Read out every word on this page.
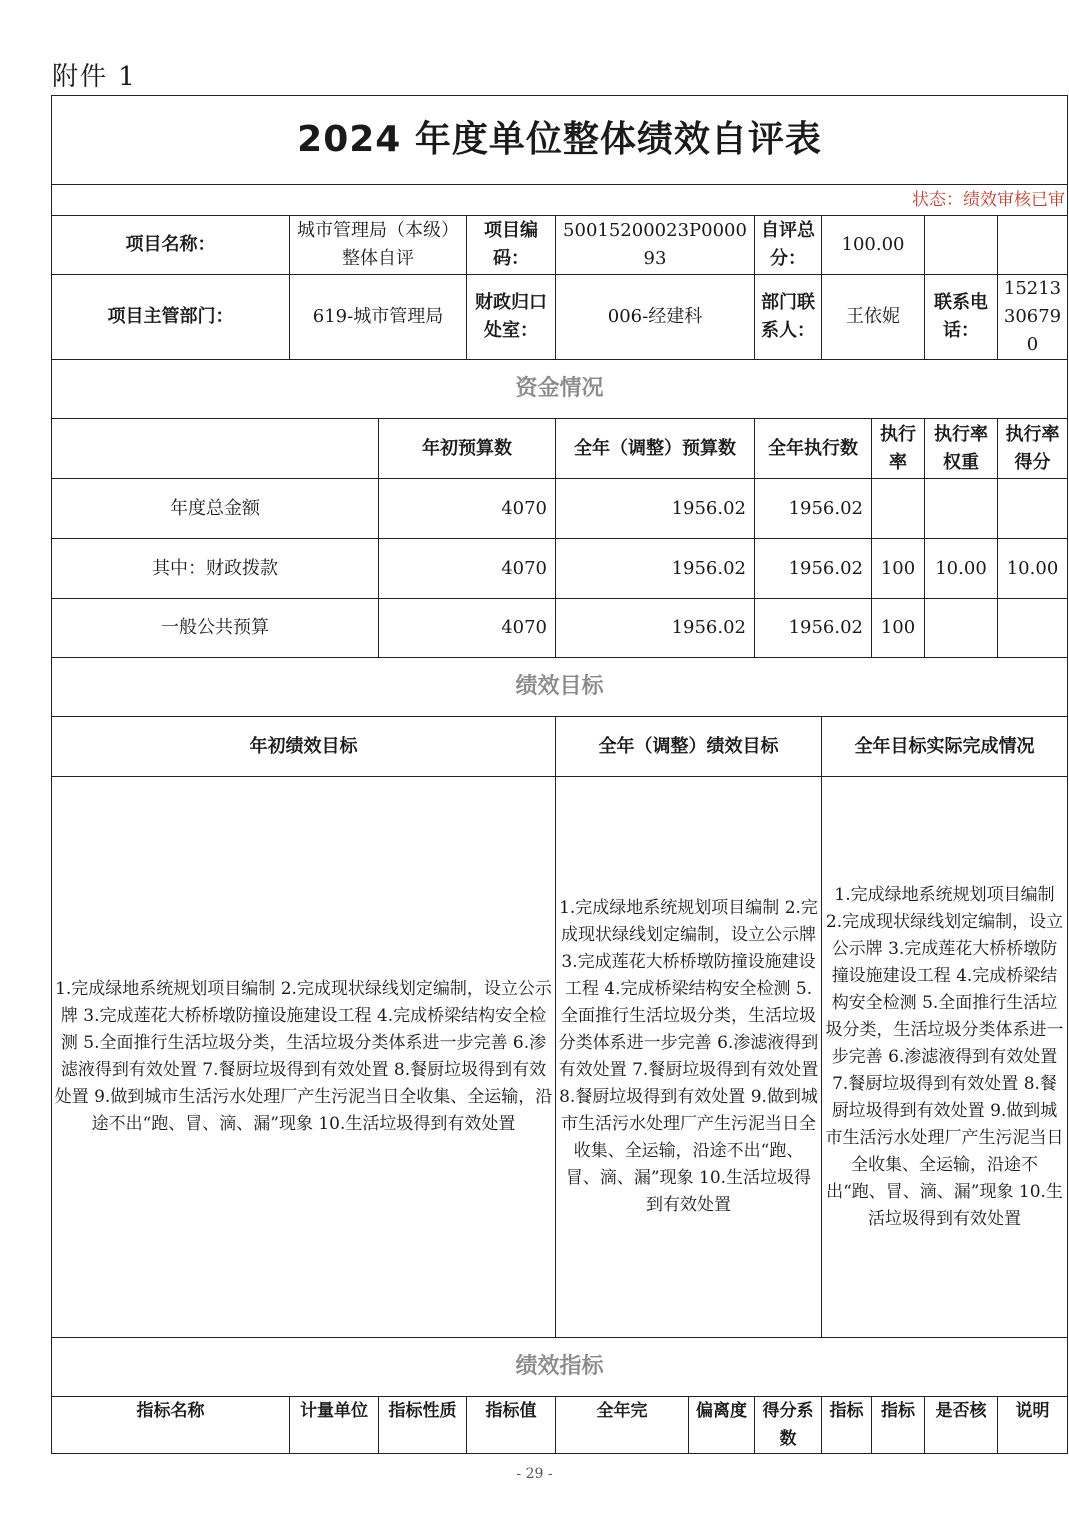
附件 1
2024 年度单位整体绩效自评表										
状态：绩效审核已审										
项目名称：	城市管理局（本级）整体自评		项目编码：	50015200023P000093		自评总分：	100.00			
项目主管部门：	619-城市管理局		财政归口处室：	006-经建科		部门联系人：	王依妮		联系电话：	15213306790
资金情况										
		年初预算数		全年（调整）预算数		全年执行数		执行率	执行率权重	执行率得分
年度总金额		4070		1956.02		1956.02				
其中：财政拨款		4070		1956.02		1956.02		100	10.00	10.00
一般公共预算		4070		1956.02		1956.02		100		
绩效目标										
年初绩效目标				全年（调整）绩效目标			全年目标实际完成情况			
1.完成绿地系统规划项目编制 2.完成现状绿线划定编制，设立公示牌 3.完成莲花大桥桥墩防撞设施建设工程 4.完成桥梁结构安全检测 5.全面推行生活垃圾分类，生活垃圾分类体系进一步完善 6.渗滤液得到有效处置 7.餐厨垃圾得到有效处置 8.餐厨垃圾得到有效处置 9.做到城市生活污水处理厂产生污泥当日全收集、全运输，沿途不出“跑、冒、滴、漏”现象 10.生活垃圾得到有效处置				1.完成绿地系统规划项目编制 2.完成现状绿线划定编制，设立公示牌 3.完成莲花大桥桥墩防撞设施建设工程 4.完成桥梁结构安全检测 5.全面推行生活垃圾分类，生活垃圾分类体系进一步完善 6.渗滤液得到有效处置 7.餐厨垃圾得到有效处置 8.餐厨垃圾得到有效处置 9.做到城市生活污水处理厂产生污泥当日全收集、全运输，沿途不出“跑、冒、滴、漏”现象 10.生活垃圾得到有效处置			1.完成绿地系统规划项目编制 2.完成现状绿线划定编制，设立公示牌 3.完成莲花大桥桥墩防撞设施建设工程 4.完成桥梁结构安全检测 5.全面推行生活垃圾分类，生活垃圾分类体系进一步完善 6.渗滤液得到有效处置 7.餐厨垃圾得到有效处置 8.餐厨垃圾得到有效处置 9.做到城市生活污水处理厂产生污泥当日全收集、全运输，沿途不出“跑、冒、滴、漏”现象 10.生活垃圾得到有效处置			
绩效指标										
指标名称	计量单位	指标性质	指标值	全年完	偏离度	得分系数	指标	指标	是否核	说明
- 29 -
